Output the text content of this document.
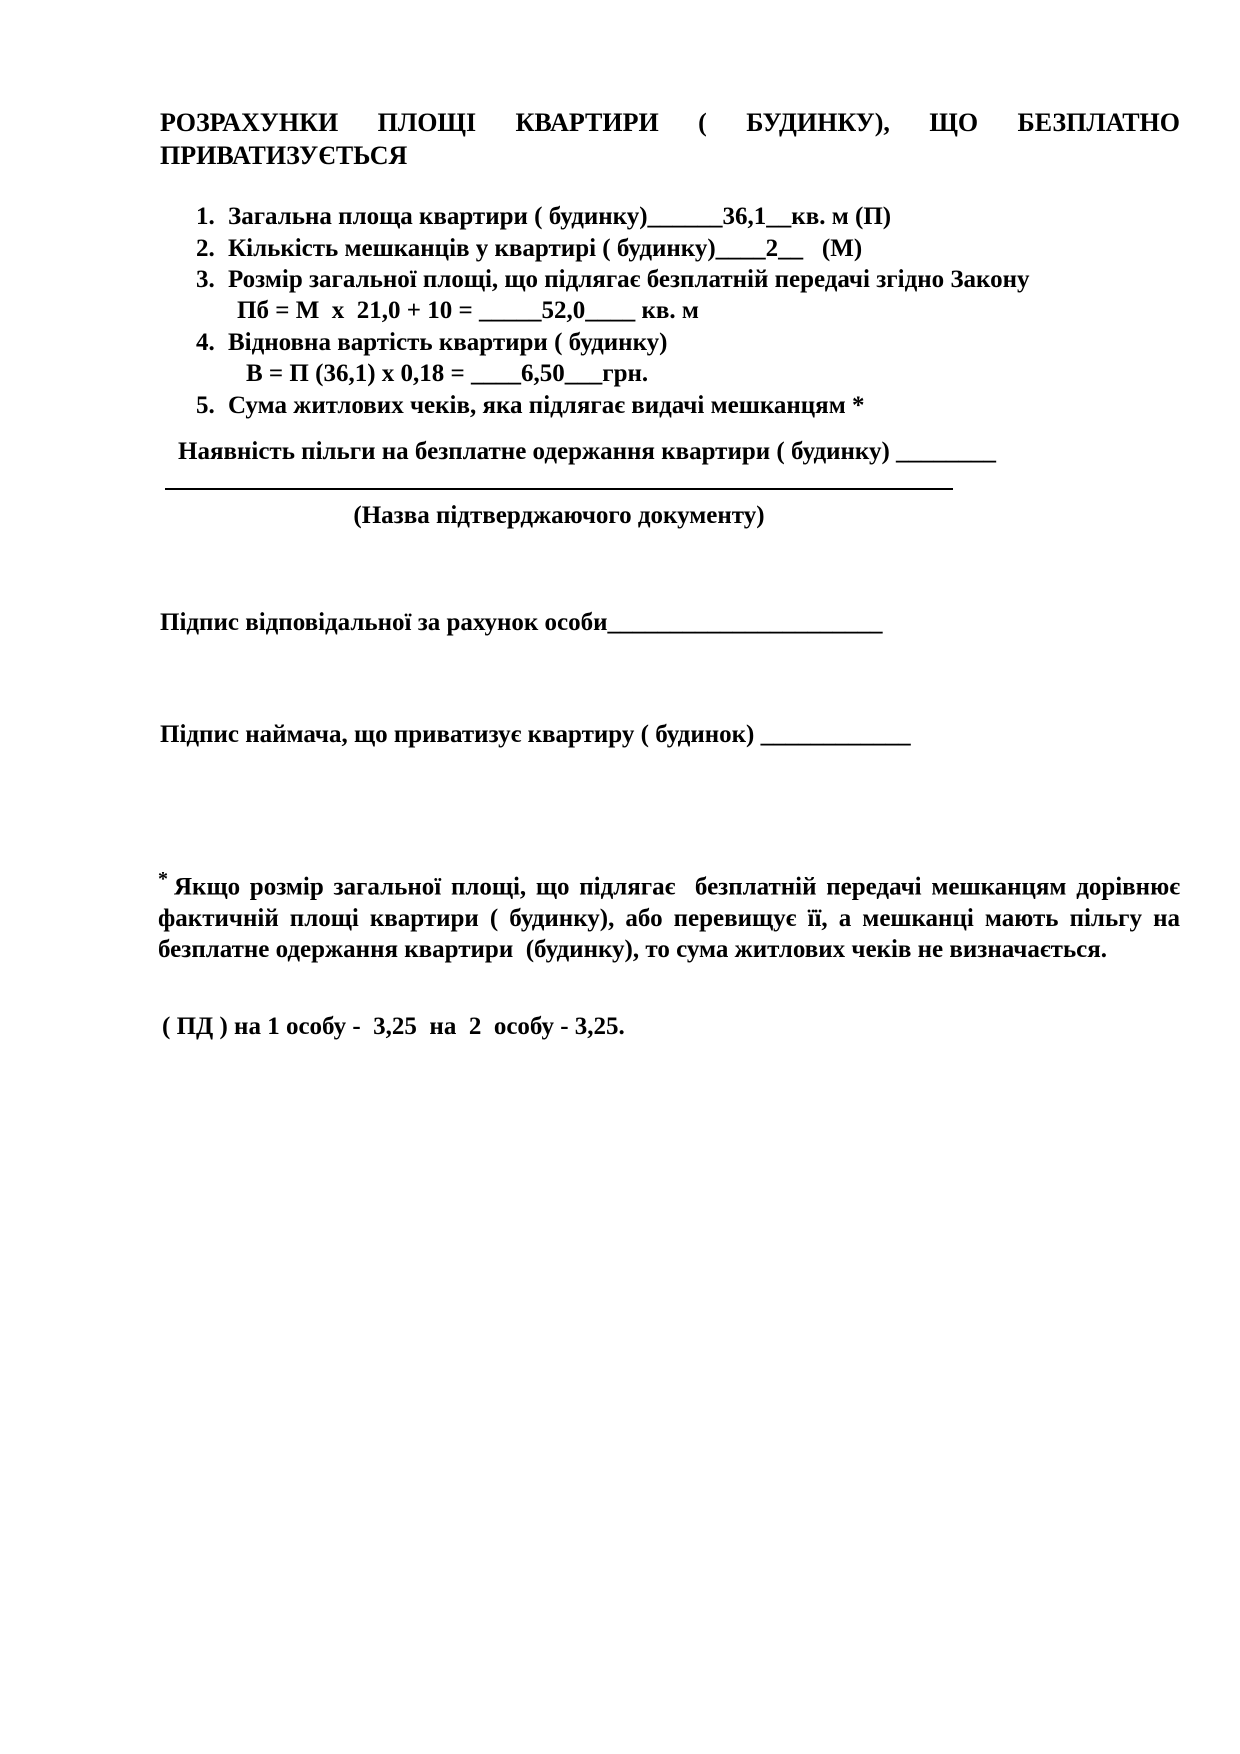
РОЗРАХУНКИ ПЛОЩІ КВАРТИРИ ( БУДИНКУ), ЩО БЕЗПЛАТНО
ПРИВАТИЗУЄТЬСЯ
1. Загальна площа квартири ( будинку)______36,1__кв. м (П)
2. Кількість мешканців у квартирі ( будинку)____2__   (М)
3. Розмір загальної площі, що підлягає безплатній передачі згідно Закону
Пб = М  х  21,0 + 10 = _____52,0____ кв. м
4. Відновна вартість квартири ( будинку)
В = П (36,1) х 0,18 = ____6,50___грн.
5. Сума житлових чеків, яка підлягає видачі мешканцям *
Наявність пільги на безплатне одержання квартири ( будинку) ________
(Назва підтверджаючого документу)
Підпис відповідальної за рахунок особи______________________
Підпис наймача, що приватизує квартиру ( будинок) ____________
* Якщо розмір загальної площі, що підлягає  безплатній передачі мешканцям дорівнює фактичній площі квартири ( будинку), або перевищує її, а мешканці мають пільгу на безплатне одержання квартири  (будинку), то сума житлових чеків не визначається.
( ПД ) на 1 особу -  3,25  на  2  особу - 3,25.
